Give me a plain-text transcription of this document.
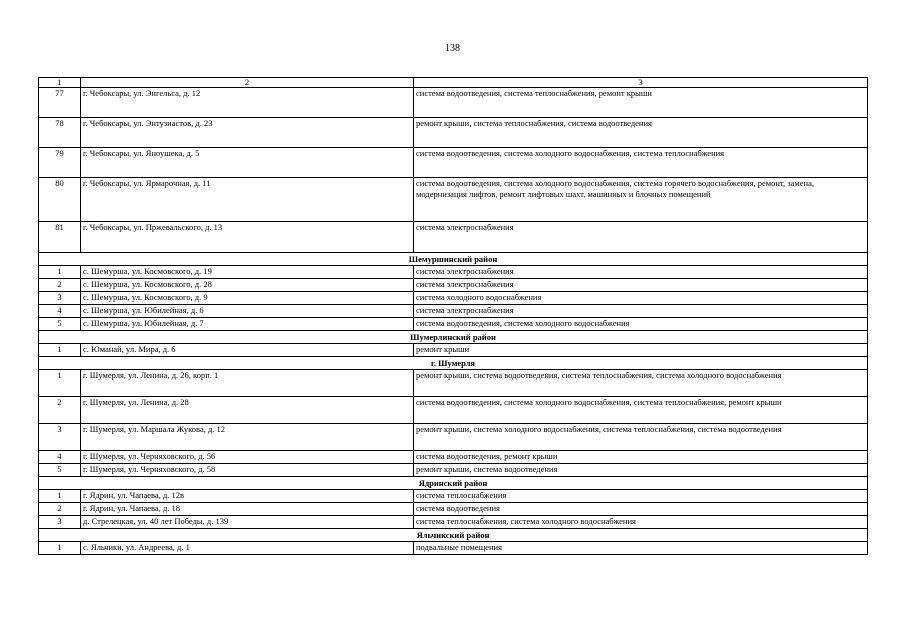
138
1	2	3
77	г. Чебоксары, ул. Энгельса, д. 12	система водоотведения, система теплоснабжения, ремонт крыши
78	г. Чебоксары, ул. Энтузиастов, д. 23	ремонт крыши, система теплоснабжения, система водоотведения
79	г. Чебоксары, ул. Яноушека, д. 5	система водоотведения, система холодного водоснабжения, система теплоснабжения
80	г. Чебоксары, ул. Ярмарочная, д. 11	система водоотведения, система холодного водоснабжения, система горячего водоснабжения, ремонт, замена, модернизация лифтов, ремонт лифтовых шахт, машинных и блочных помещений
81	г. Чебоксары, ул. Пржевальского, д. 13	система электроснабжения
Шемуршинский район		
1	с. Шемурша, ул. Космовского, д. 19	система электроснабжения
2	с. Шемурша, ул. Космовского, д. 28	система электроснабжения
3	с. Шемурша, ул. Космовского, д. 9	система холодного водоснабжения
4	с. Шемурша, ул. Юбилейная, д. 6	система электроснабжения
5	с. Шемурша, ул. Юбилейная, д. 7	система водоотведения, система холодного водоснабжения
Шумерлинский район		
1	с. Юманай, ул. Мира, д. 6	ремонт крыши
г. Шумерля		
1	г. Шумерля, ул. Ленина, д. 26, корп. 1	ремонт крыши, система водоотведения, система теплоснабжения, система холодного водоснабжения
2	г. Шумерля, ул. Ленина, д. 28	система водоотведения, система холодного водоснабжения, система теплоснабжения, ремонт крыши
3	г. Шумерля, ул. Маршала Жукова, д. 12	ремонт крыши, система холодного водоснабжения, система теплоснабжения, система водоотведения
4	г. Шумерля, ул. Черняховского, д. 56	система водоотведения, ремонт крыши
5	г. Шумерля, ул. Черняховского, д. 58	ремонт крыши, система водоотведения
Ядринский район		
1	г. Ядрин, ул. Чапаева, д. 12в	система теплоснабжения
2	г. Ядрин, ул. Чапаева, д. 18	система водоотведения
3	д. Стрелецкая, ул. 40 лет Победы, д. 139	система теплоснабжения, система холодного водоснабжения
Яльчикский район		
1	с. Яльчики, ул. Андреева, д. 1	подвальные помещения
